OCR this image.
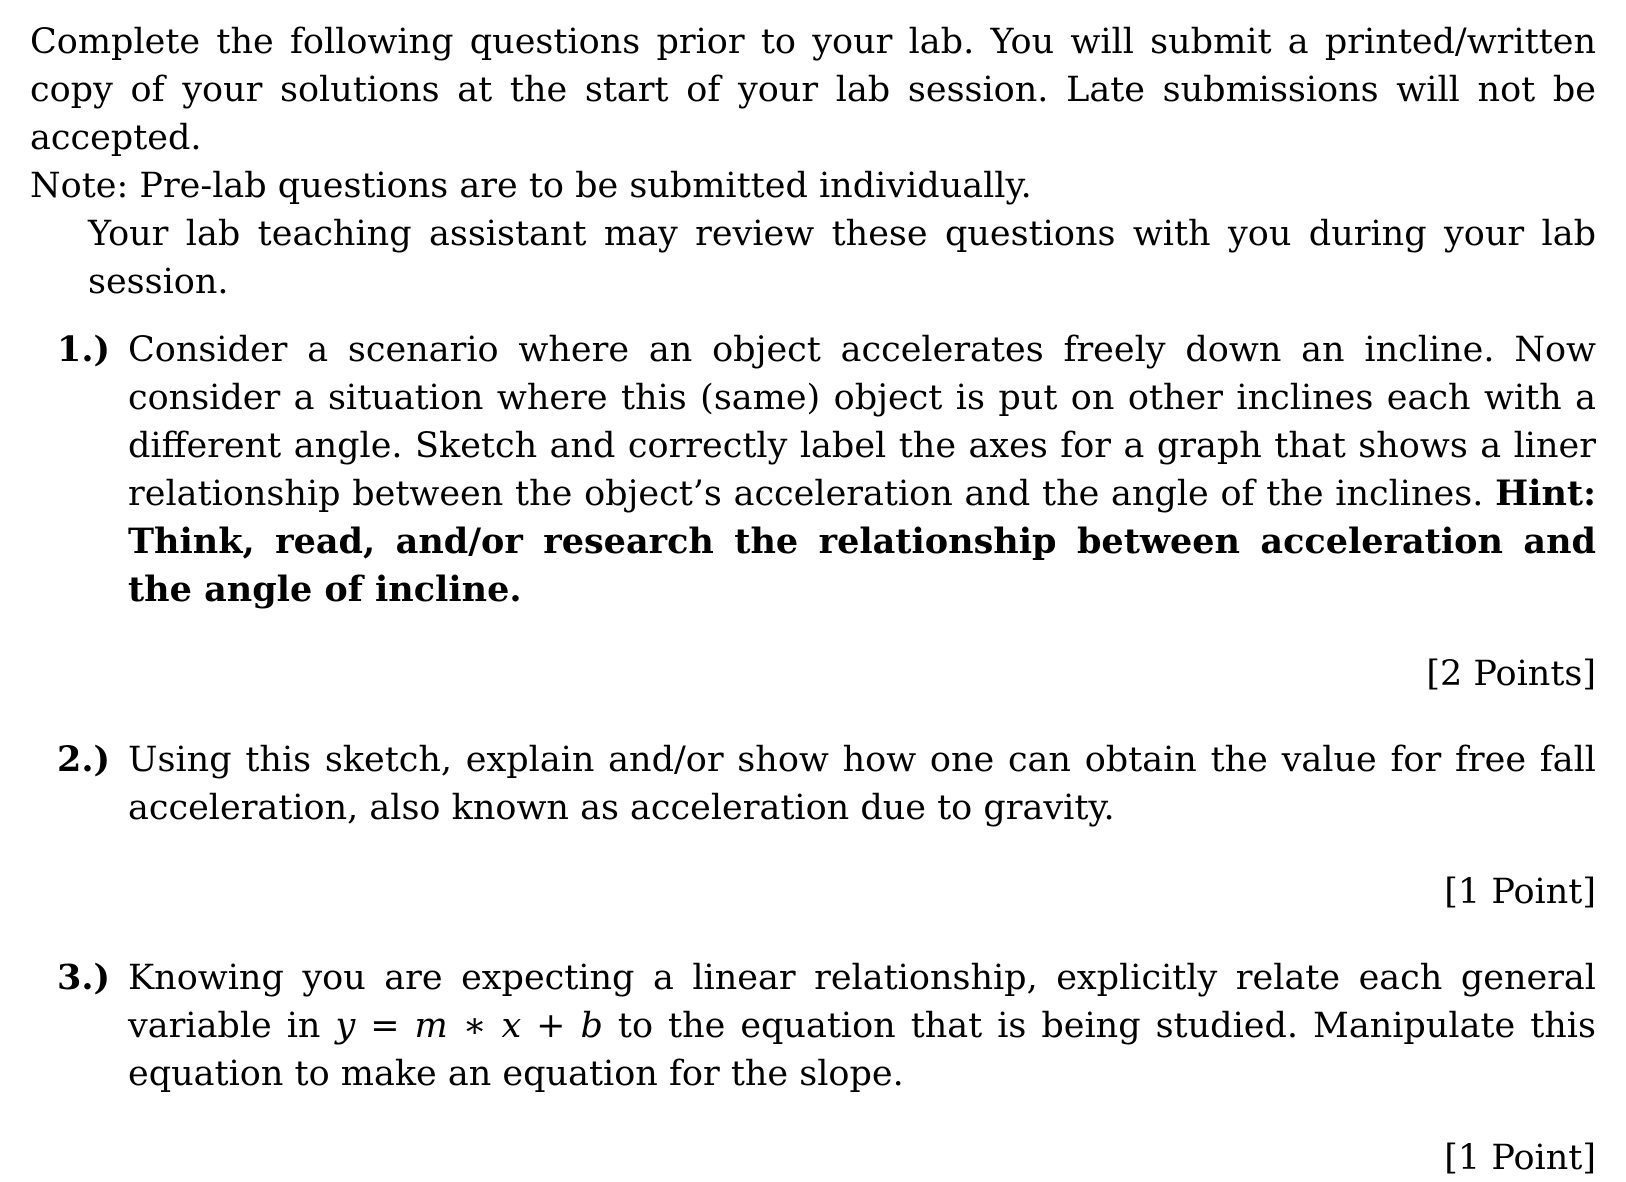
Complete the following questions prior to your lab. You will submit a printed/written copy of your solutions at the start of your lab session. Late submissions will not be accepted.
Note: Pre-lab questions are to be submitted individually.
Your lab teaching assistant may review these questions with you during your lab session.

1.) Consider a scenario where an object accelerates freely down an incline. Now consider a situation where this (same) object is put on other inclines each with a different angle. Sketch and correctly label the axes for a graph that shows a liner relationship between the object’s acceleration and the angle of the inclines. Hint: Think, read, and/or research the relationship between acceleration and the angle of incline.

[2 Points]

2.) Using this sketch, explain and/or show how one can obtain the value for free fall acceleration, also known as acceleration due to gravity.

[1 Point]

3.) Knowing you are expecting a linear relationship, explicitly relate each general variable in y = m ∗ x + b to the equation that is being studied. Manipulate this equation to make an equation for the slope.

[1 Point]
